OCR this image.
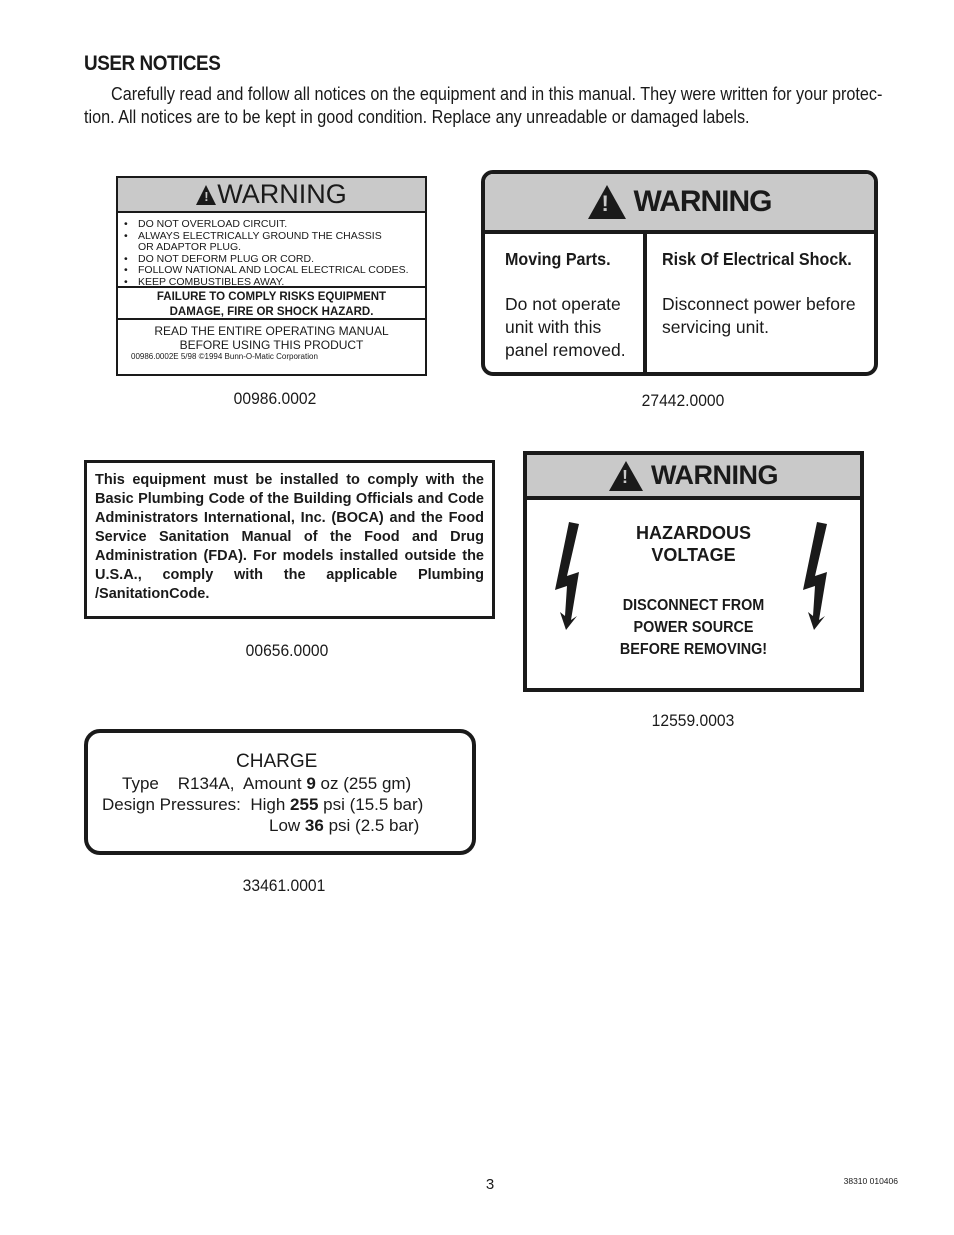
USER NOTICES

Carefully read and follow all notices on the equipment and in this manual. They were written for your protec-
tion. All notices are to be kept in good condition. Replace any unreadable or damaged labels.

! WARNING
• DO NOT OVERLOAD CIRCUIT.
• ALWAYS ELECTRICALLY GROUND THE CHASSIS
OR ADAPTOR PLUG.
• DO NOT DEFORM PLUG OR CORD.
• FOLLOW NATIONAL AND LOCAL ELECTRICAL CODES.
• KEEP COMBUSTIBLES AWAY.
FAILURE TO COMPLY RISKS EQUIPMENT
DAMAGE, FIRE OR SHOCK HAZARD.
READ THE ENTIRE OPERATING MANUAL
BEFORE USING THIS PRODUCT
00986.0002E 5/98 ©1994 Bunn-O-Matic Corporation
00986.0002
! WARNING
Moving Parts.
Do not operate
unit with this
panel removed.
Risk Of Electrical Shock.
Disconnect power before
servicing unit.
27442.0000

This equipment must be installed to comply with the Basic Plumbing Code of the Building Officials and Code Administrators International, Inc. (BOCA) and the Food Service Sanitation Manual of the Food and Drug Administration (FDA). For models installed outside the U.S.A., comply with the applicable Plumbing /SanitationCode.

00656.0000
! WARNING
HAZARDOUS
VOLTAGE
DISCONNECT FROM
POWER SOURCE
BEFORE REMOVING!
12559.0003
CHARGE
Type R134A, Amount 9 oz (255 gm)
Design Pressures: High 255 psi (15.5 bar)
Low 36 psi (2.5 bar)
33461.0001
3	38310 010406
